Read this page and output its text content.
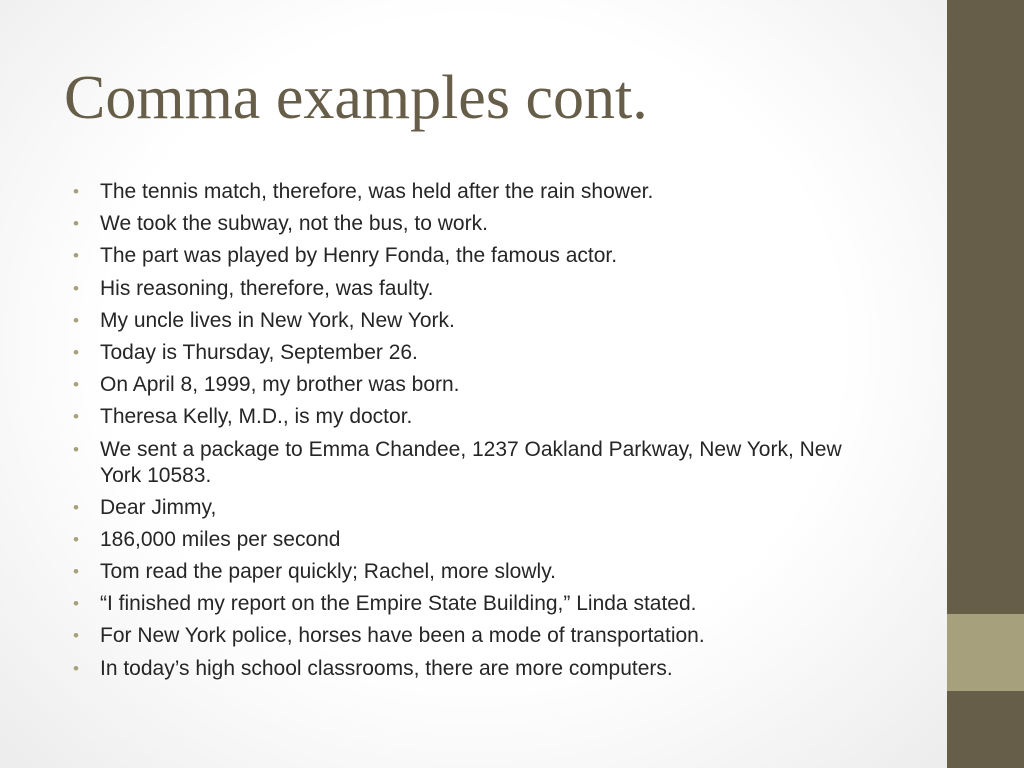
Comma examples cont.
•	The tennis match, therefore, was held after the rain shower.
•	We took the subway, not the bus, to work.
•	The part was played by Henry Fonda, the famous actor.
•	His reasoning, therefore, was faulty.
•	My uncle lives in New York, New York.
•	Today is Thursday, September 26.
•	On April 8, 1999, my brother was born.
•	Theresa Kelly, M.D., is my doctor.
•	We sent a package to Emma Chandee, 1237 Oakland Parkway, New York, New York 10583.
•	Dear Jimmy,
•	186,000 miles per second
•	Tom read the paper quickly; Rachel, more slowly.
•	“I finished my report on the Empire State Building,” Linda stated.
•	For New York police, horses have been a mode of transportation.
•	In today’s high school classrooms, there are more computers.
